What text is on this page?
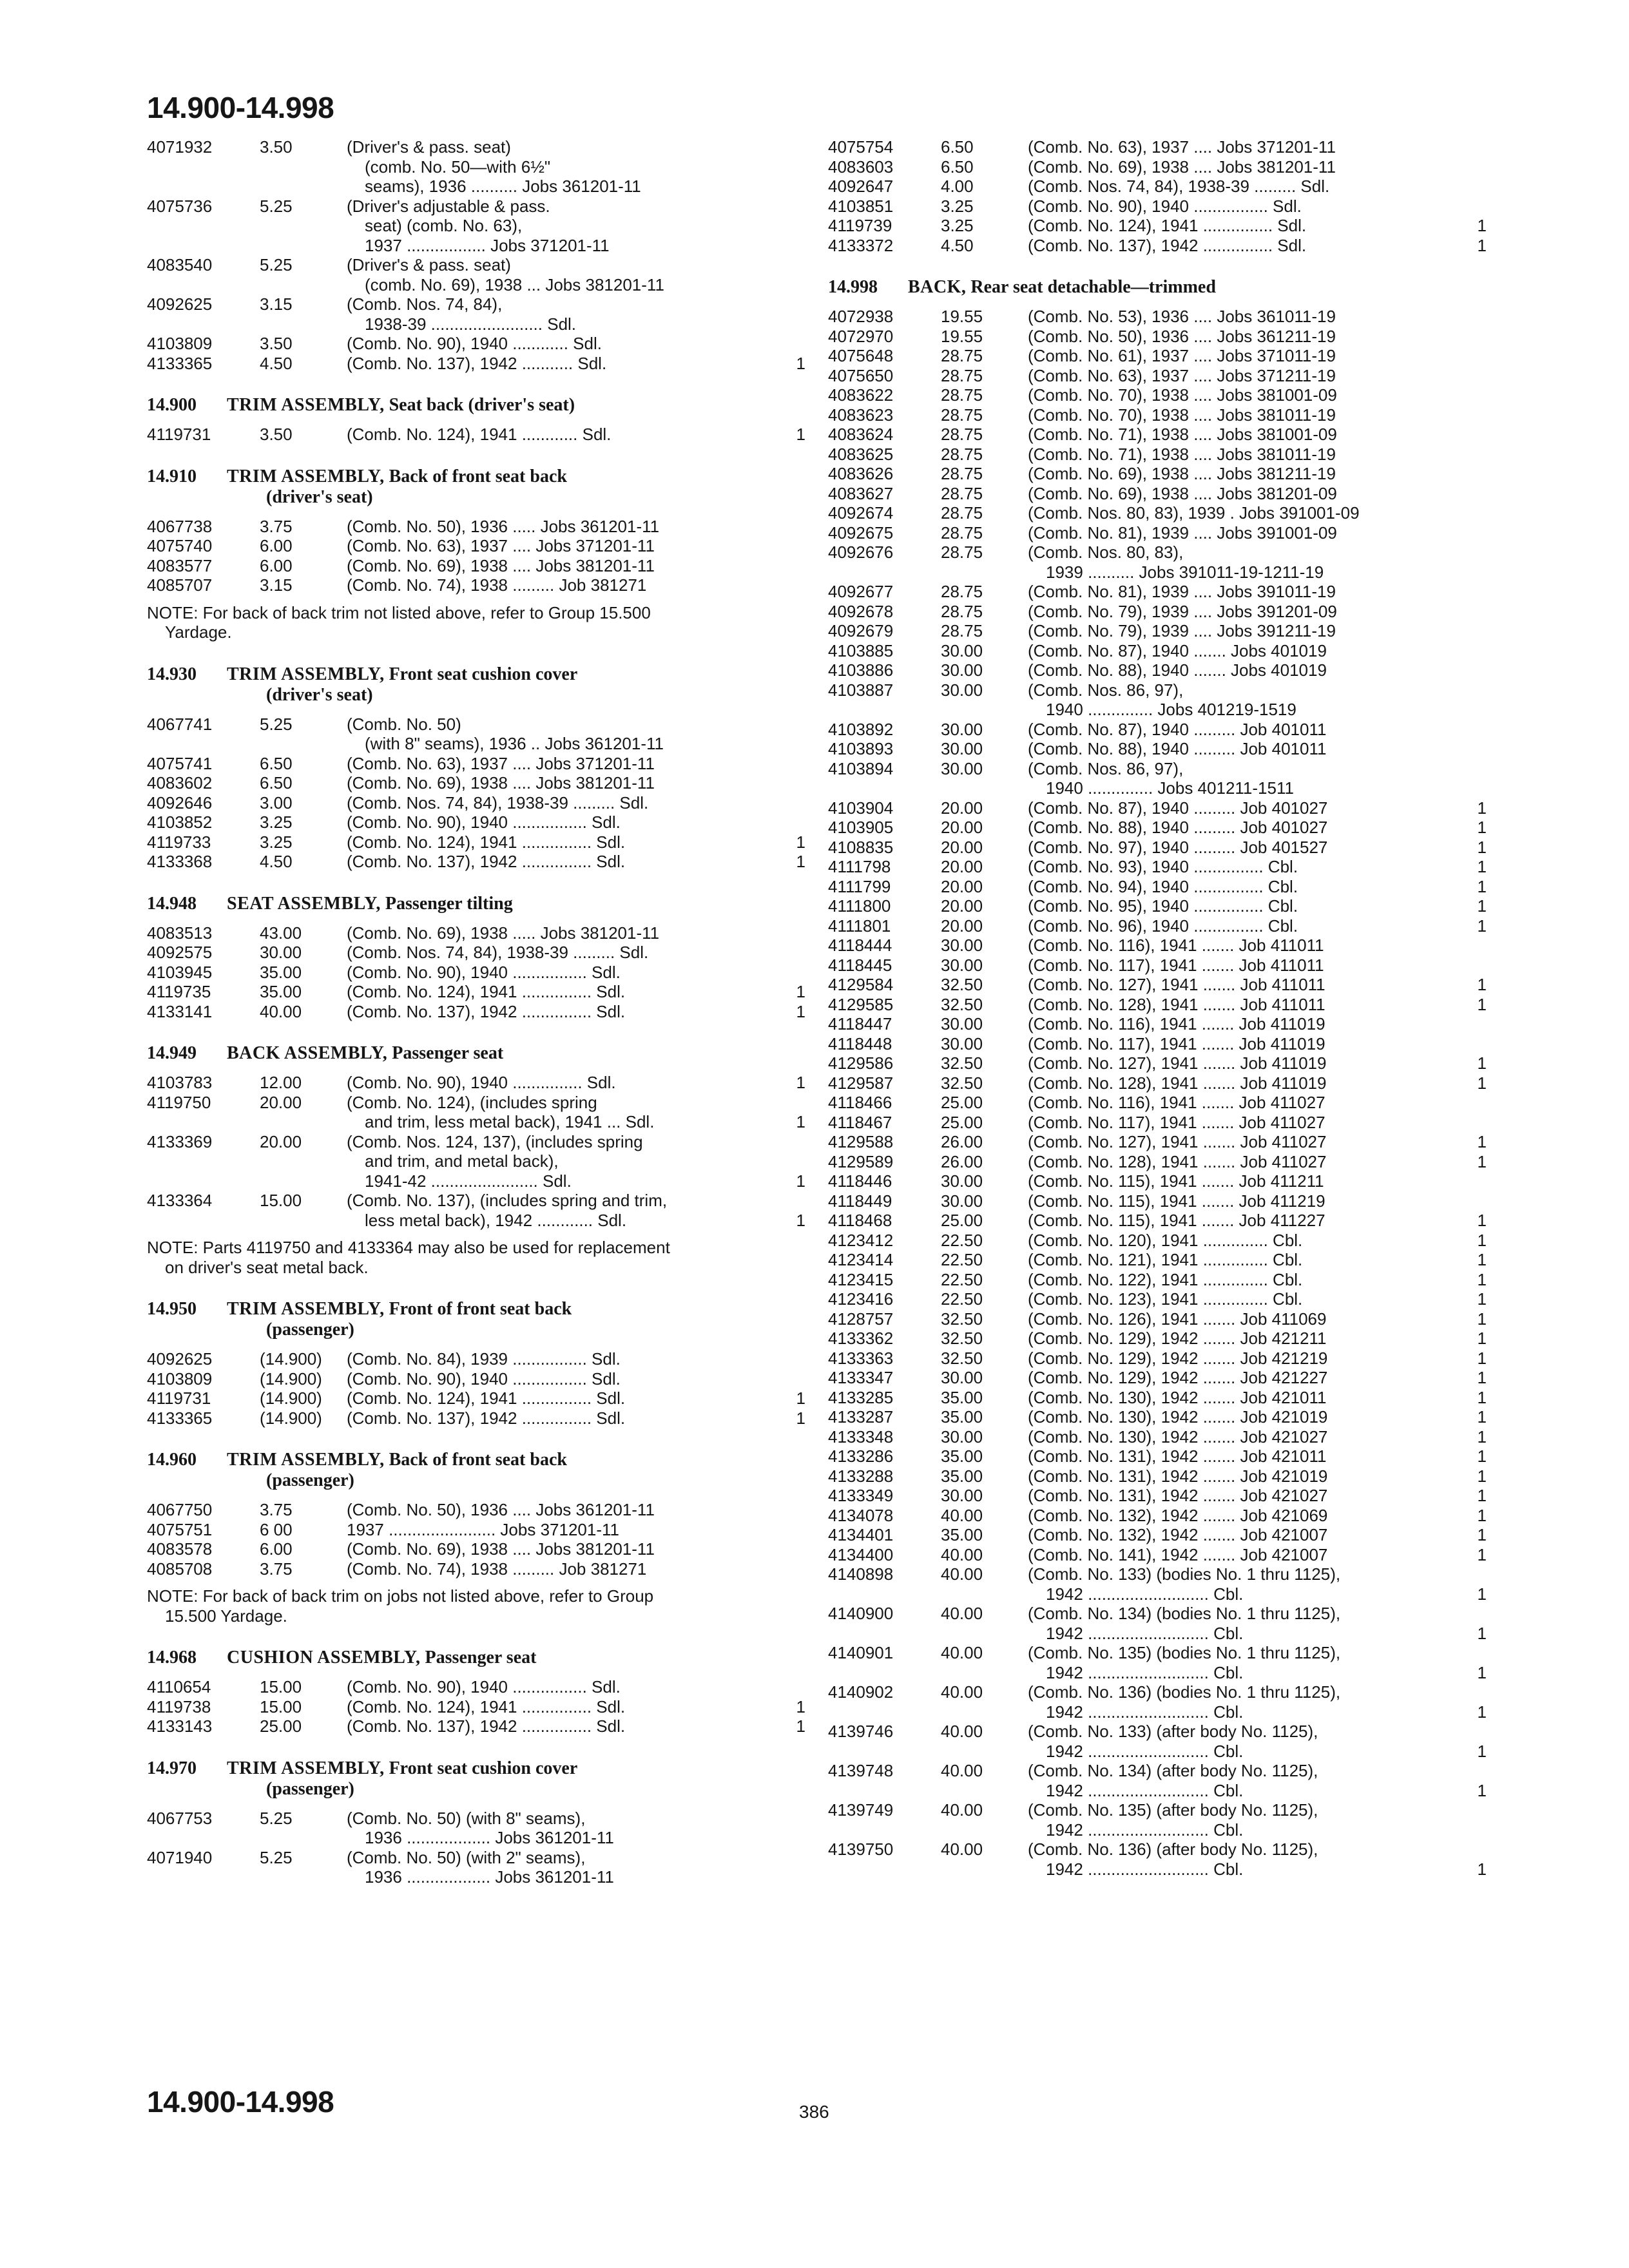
14.900-14.998
4071932	3.50	(Driver's & pass. seat)
(comb. No. 50—with 6½"
seams), 1936 .......... Jobs 361201-11
4075736	5.25	(Driver's adjustable & pass.
seat) (comb. No. 63),
1937 ................. Jobs 371201-11
4083540	5.25	(Driver's & pass. seat)
(comb. No. 69), 1938 ... Jobs 381201-11
4092625	3.15	(Comb. Nos. 74, 84),
1938-39 ........................ Sdl.
4103809	3.50	(Comb. No. 90), 1940 ............ Sdl.
4133365	4.50	(Comb. No. 137), 1942 ........... Sdl.	1
14.900 TRIM ASSEMBLY, Seat back (driver's seat)
4119731	3.50	(Comb. No. 124), 1941 ............ Sdl.	1
14.910 TRIM ASSEMBLY, Back of front seat back
(driver's seat)
4067738	3.75	(Comb. No. 50), 1936 ..... Jobs 361201-11
4075740	6.00	(Comb. No. 63), 1937 .... Jobs 371201-11
4083577	6.00	(Comb. No. 69), 1938 .... Jobs 381201-11
4085707	3.15	(Comb. No. 74), 1938 ......... Job 381271
NOTE: For back of back trim not listed above, refer to Group 15.500
Yardage.
14.930 TRIM ASSEMBLY, Front seat cushion cover
(driver's seat)
4067741	5.25	(Comb. No. 50)
(with 8" seams), 1936 .. Jobs 361201-11
4075741	6.50	(Comb. No. 63), 1937 .... Jobs 371201-11
4083602	6.50	(Comb. No. 69), 1938 .... Jobs 381201-11
4092646	3.00	(Comb. Nos. 74, 84), 1938-39 ......... Sdl.
4103852	3.25	(Comb. No. 90), 1940 ................ Sdl.
4119733	3.25	(Comb. No. 124), 1941 ............... Sdl.	1
4133368	4.50	(Comb. No. 137), 1942 ............... Sdl.	1
14.948 SEAT ASSEMBLY, Passenger tilting
4083513	43.00	(Comb. No. 69), 1938 ..... Jobs 381201-11
4092575	30.00	(Comb. Nos. 74, 84), 1938-39 ......... Sdl.
4103945	35.00	(Comb. No. 90), 1940 ................ Sdl.
4119735	35.00	(Comb. No. 124), 1941 ............... Sdl.	1
4133141	40.00	(Comb. No. 137), 1942 ............... Sdl.	1
14.949 BACK ASSEMBLY, Passenger seat
4103783	12.00	(Comb. No. 90), 1940 ............... Sdl.	1
4119750	20.00	(Comb. No. 124), (includes spring
and trim, less metal back), 1941 ... Sdl.	1
4133369	20.00	(Comb. Nos. 124, 137), (includes spring
and trim, and metal back),
1941-42 ....................... Sdl.	1
4133364	15.00	(Comb. No. 137), (includes spring and trim,
less metal back), 1942 ............ Sdl.	1
NOTE: Parts 4119750 and 4133364 may also be used for replacement
on driver's seat metal back.
14.950 TRIM ASSEMBLY, Front of front seat back
(passenger)
4092625	(14.900) (Comb. No. 84), 1939 ................ Sdl.
4103809	(14.900) (Comb. No. 90), 1940 ................ Sdl.
4119731	(14.900) (Comb. No. 124), 1941 ............... Sdl.	1
4133365	(14.900) (Comb. No. 137), 1942 ............... Sdl.	1
14.960 TRIM ASSEMBLY, Back of front seat back
(passenger)
4067750	3.75	(Comb. No. 50), 1936 .... Jobs 361201-11
4075751	6 00	1937 ....................... Jobs 371201-11
4083578	6.00	(Comb. No. 69), 1938 .... Jobs 381201-11
4085708	3.75	(Comb. No. 74), 1938 ......... Job 381271
NOTE: For back of back trim on jobs not listed above, refer to Group
15.500 Yardage.
14.968 CUSHION ASSEMBLY, Passenger seat
4110654	15.00	(Comb. No. 90), 1940 ................ Sdl.
4119738	15.00	(Comb. No. 124), 1941 ............... Sdl.	1
4133143	25.00	(Comb. No. 137), 1942 ............... Sdl.	1
14.970 TRIM ASSEMBLY, Front seat cushion cover
(passenger)
4067753	5.25	(Comb. No. 50) (with 8" seams),
1936 .................. Jobs 361201-11
4071940	5.25	(Comb. No. 50) (with 2" seams),
1936 .................. Jobs 361201-11
4075754	6.50	(Comb. No. 63), 1937 .... Jobs 371201-11
4083603	6.50	(Comb. No. 69), 1938 .... Jobs 381201-11
4092647	4.00	(Comb. Nos. 74, 84), 1938-39 ......... Sdl.
4103851	3.25	(Comb. No. 90), 1940 ................ Sdl.
4119739	3.25	(Comb. No. 124), 1941 ............... Sdl.	1
4133372	4.50	(Comb. No. 137), 1942 ............... Sdl.	1
14.998 BACK, Rear seat detachable—trimmed
4072938	19.55	(Comb. No. 53), 1936 .... Jobs 361011-19
4072970	19.55	(Comb. No. 50), 1936 .... Jobs 361211-19
4075648	28.75	(Comb. No. 61), 1937 .... Jobs 371011-19
4075650	28.75	(Comb. No. 63), 1937 .... Jobs 371211-19
4083622	28.75	(Comb. No. 70), 1938 .... Jobs 381001-09
4083623	28.75	(Comb. No. 70), 1938 .... Jobs 381011-19
4083624	28.75	(Comb. No. 71), 1938 .... Jobs 381001-09
4083625	28.75	(Comb. No. 71), 1938 .... Jobs 381011-19
4083626	28.75	(Comb. No. 69), 1938 .... Jobs 381211-19
4083627	28.75	(Comb. No. 69), 1938 .... Jobs 381201-09
4092674	28.75	(Comb. Nos. 80, 83), 1939 . Jobs 391001-09
4092675	28.75	(Comb. No. 81), 1939 .... Jobs 391001-09
4092676	28.75	(Comb. Nos. 80, 83),
1939 .......... Jobs 391011-19-1211-19
4092677	28.75	(Comb. No. 81), 1939 .... Jobs 391011-19
4092678	28.75	(Comb. No. 79), 1939 .... Jobs 391201-09
4092679	28.75	(Comb. No. 79), 1939 .... Jobs 391211-19
4103885	30.00	(Comb. No. 87), 1940 ....... Jobs 401019
4103886	30.00	(Comb. No. 88), 1940 ....... Jobs 401019
4103887	30.00	(Comb. Nos. 86, 97),
1940 .............. Jobs 401219-1519
4103892	30.00	(Comb. No. 87), 1940 ......... Job 401011
4103893	30.00	(Comb. No. 88), 1940 ......... Job 401011
4103894	30.00	(Comb. Nos. 86, 97),
1940 .............. Jobs 401211-1511
4103904	20.00	(Comb. No. 87), 1940 ......... Job 401027	1
4103905	20.00	(Comb. No. 88), 1940 ......... Job 401027	1
4108835	20.00	(Comb. No. 97), 1940 ......... Job 401527	1
4111798	20.00	(Comb. No. 93), 1940 ............... Cbl.	1
4111799	20.00	(Comb. No. 94), 1940 ............... Cbl.	1
4111800	20.00	(Comb. No. 95), 1940 ............... Cbl.	1
4111801	20.00	(Comb. No. 96), 1940 ............... Cbl.	1
4118444	30.00	(Comb. No. 116), 1941 ....... Job 411011
4118445	30.00	(Comb. No. 117), 1941 ....... Job 411011
4129584	32.50	(Comb. No. 127), 1941 ....... Job 411011	1
4129585	32.50	(Comb. No. 128), 1941 ....... Job 411011	1
4118447	30.00	(Comb. No. 116), 1941 ....... Job 411019
4118448	30.00	(Comb. No. 117), 1941 ....... Job 411019
4129586	32.50	(Comb. No. 127), 1941 ....... Job 411019	1
4129587	32.50	(Comb. No. 128), 1941 ....... Job 411019	1
4118466	25.00	(Comb. No. 116), 1941 ....... Job 411027
4118467	25.00	(Comb. No. 117), 1941 ....... Job 411027
4129588	26.00	(Comb. No. 127), 1941 ....... Job 411027	1
4129589	26.00	(Comb. No. 128), 1941 ....... Job 411027	1
4118446	30.00	(Comb. No. 115), 1941 ....... Job 411211
4118449	30.00	(Comb. No. 115), 1941 ....... Job 411219
4118468	25.00	(Comb. No. 115), 1941 ....... Job 411227	1
4123412	22.50	(Comb. No. 120), 1941 .............. Cbl.	1
4123414	22.50	(Comb. No. 121), 1941 .............. Cbl.	1
4123415	22.50	(Comb. No. 122), 1941 .............. Cbl.	1
4123416	22.50	(Comb. No. 123), 1941 .............. Cbl.	1
4128757	32.50	(Comb. No. 126), 1941 ....... Job 411069	1
4133362	32.50	(Comb. No. 129), 1942 ....... Job 421211	1
4133363	32.50	(Comb. No. 129), 1942 ....... Job 421219	1
4133347	30.00	(Comb. No. 129), 1942 ....... Job 421227	1
4133285	35.00	(Comb. No. 130), 1942 ....... Job 421011	1
4133287	35.00	(Comb. No. 130), 1942 ....... Job 421019	1
4133348	30.00	(Comb. No. 130), 1942 ....... Job 421027	1
4133286	35.00	(Comb. No. 131), 1942 ....... Job 421011	1
4133288	35.00	(Comb. No. 131), 1942 ....... Job 421019	1
4133349	30.00	(Comb. No. 131), 1942 ....... Job 421027	1
4134078	40.00	(Comb. No. 132), 1942 ....... Job 421069	1
4134401	35.00	(Comb. No. 132), 1942 ....... Job 421007	1
4134400	40.00	(Comb. No. 141), 1942 ....... Job 421007	1
4140898	40.00	(Comb. No. 133) (bodies No. 1 thru 1125),
1942 .......................... Cbl.	1
4140900	40.00	(Comb. No. 134) (bodies No. 1 thru 1125),
1942 .......................... Cbl.	1
4140901	40.00	(Comb. No. 135) (bodies No. 1 thru 1125),
1942 .......................... Cbl.	1
4140902	40.00	(Comb. No. 136) (bodies No. 1 thru 1125),
1942 .......................... Cbl.	1
4139746	40.00	(Comb. No. 133) (after body No. 1125),
1942 .......................... Cbl.	1
4139748	40.00	(Comb. No. 134) (after body No. 1125),
1942 .......................... Cbl.	1
4139749	40.00	(Comb. No. 135) (after body No. 1125),
1942 .......................... Cbl.
4139750	40.00	(Comb. No. 136) (after body No. 1125),
1942 .......................... Cbl.	1
14.900-14.998	386
